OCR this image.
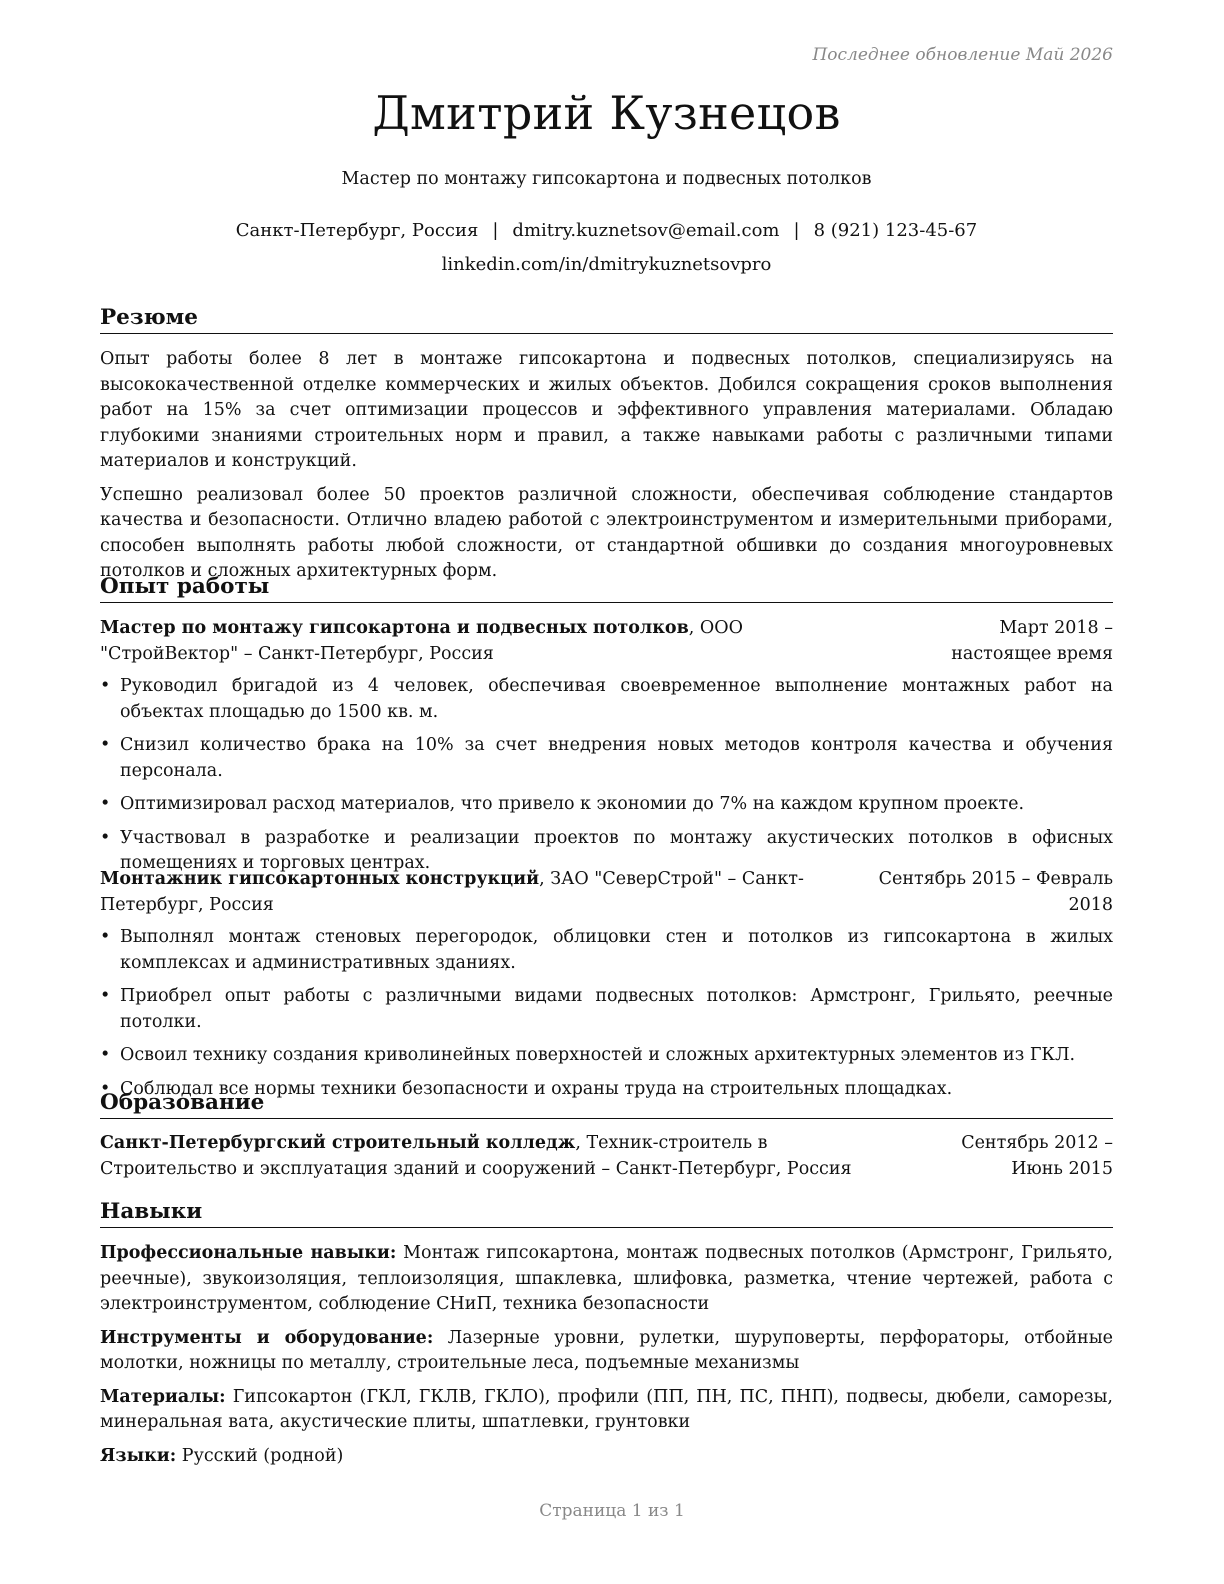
Последнее обновление Май 2026
Дмитрий Кузнецов
Мастер по монтажу гипсокартона и подвесных потолков
Санкт-Петербург, Россия | dmitry.kuznetsov@email.com | 8 (921) 123-45-67
linkedin.com/in/dmitrykuznetsovpro
Резюме

Опыт работы более 8 лет в монтаже гипсокартона и подвесных потолков, специализируясь на высококачественной отделке коммерческих и жилых объектов. Добился сокращения сроков выполнения работ на 15% за счет оптимизации процессов и эффективного управления материалами. Обладаю глубокими знаниями строительных норм и правил, а также навыками работы с различными типами материалов и конструкций.

Успешно реализовал более 50 проектов различной сложности, обеспечивая соблюдение стандартов качества и безопасности. Отлично владею работой с электроинструментом и измерительными приборами, способен выполнять работы любой сложности, от стандартной обшивки до создания многоуровневых потолков и сложных архитектурных форм.

Опыт работы
Мастер по монтажу гипсокартона и подвесных потолков, ООО "СтройВектор" – Санкт-Петербург, Россия
Март 2018 – настоящее время
• Руководил бригадой из 4 человек, обеспечивая своевременное выполнение монтажных работ на объектах площадью до 1500 кв. м.
• Снизил количество брака на 10% за счет внедрения новых методов контроля качества и обучения персонала.
• Оптимизировал расход материалов, что привело к экономии до 7% на каждом крупном проекте.
• Участвовал в разработке и реализации проектов по монтажу акустических потолков в офисных помещениях и торговых центрах.
Монтажник гипсокартонных конструкций, ЗАО "СеверСтрой" – Санкт-Петербург, Россия
Сентябрь 2015 – Февраль 2018
• Выполнял монтаж стеновых перегородок, облицовки стен и потолков из гипсокартона в жилых комплексах и административных зданиях.
• Приобрел опыт работы с различными видами подвесных потолков: Армстронг, Грильято, реечные потолки.
• Освоил технику создания криволинейных поверхностей и сложных архитектурных элементов из ГКЛ.
• Соблюдал все нормы техники безопасности и охраны труда на строительных площадках.
Образование
Санкт-Петербургский строительный колледж, Техник-строитель в Строительство и эксплуатация зданий и сооружений – Санкт-Петербург, Россия
Сентябрь 2012 – Июнь 2015
Навыки

Профессиональные навыки: Монтаж гипсокартона, монтаж подвесных потолков (Армстронг, Грильято, реечные), звукоизоляция, теплоизоляция, шпаклевка, шлифовка, разметка, чтение чертежей, работа с электроинструментом, соблюдение СНиП, техника безопасности

Инструменты и оборудование: Лазерные уровни, рулетки, шуруповерты, перфораторы, отбойные молотки, ножницы по металлу, строительные леса, подъемные механизмы

Материалы: Гипсокартон (ГКЛ, ГКЛВ, ГКЛО), профили (ПП, ПН, ПС, ПНП), подвесы, дюбели, саморезы, минеральная вата, акустические плиты, шпатлевки, грунтовки

Языки: Русский (родной)

Страница 1 из 1
